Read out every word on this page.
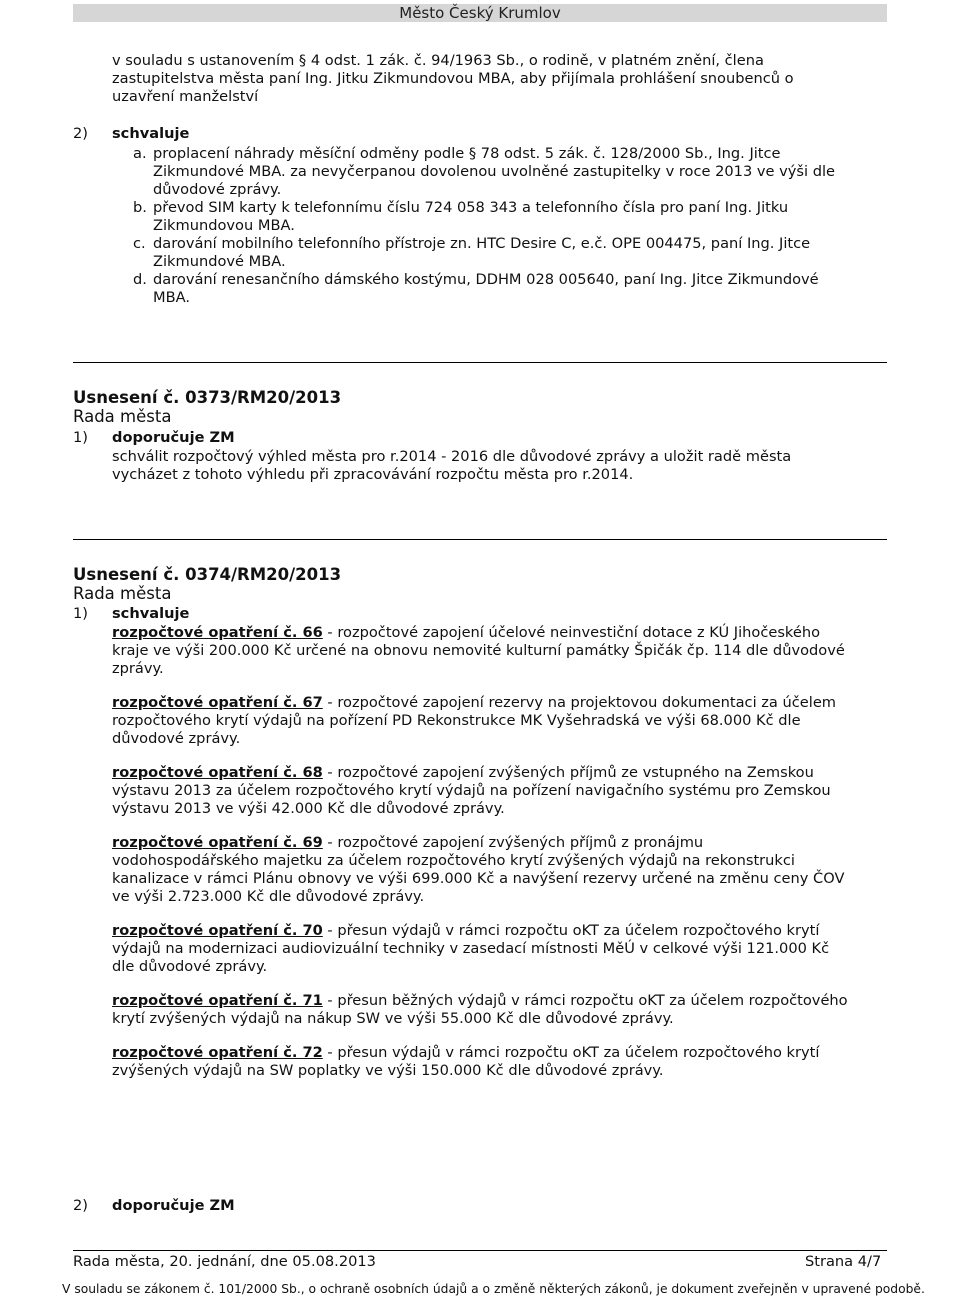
Město Český Krumlov
v souladu s ustanovením § 4 odst. 1 zák. č. 94/1963 Sb., o rodině, v platném znění, člena
zastupitelstva města paní Ing. Jitku Zikmundovou MBA, aby přijímala prohlášení snoubenců o
uzavření manželství
2) schvaluje
a. proplacení náhrady měsíční odměny podle § 78 odst. 5 zák. č. 128/2000 Sb., Ing. Jitce
Zikmundové MBA. za nevyčerpanou dovolenou uvolněné zastupitelky v roce 2013 ve výši dle
důvodové zprávy.
b. převod SIM karty k telefonnímu číslu 724 058 343 a telefonního čísla pro paní Ing. Jitku
Zikmundovou MBA.
c. darování mobilního telefonního přístroje zn. HTC Desire C, e.č. OPE 004475, paní Ing. Jitce
Zikmundové MBA.
d. darování renesančního dámského kostýmu, DDHM 028 005640, paní Ing. Jitce Zikmundové
MBA.
Usnesení č. 0373/RM20/2013
Rada města
1) doporučuje ZM
schválit rozpočtový výhled města pro r.2014 - 2016 dle důvodové zprávy a uložit radě města
vycházet z tohoto výhledu při zpracovávání rozpočtu města pro r.2014.
Usnesení č. 0374/RM20/2013
Rada města
1) schvaluje
rozpočtové opatření č. 66 - rozpočtové zapojení účelové neinvestiční dotace z KÚ Jihočeského
kraje ve výši 200.000 Kč určené na obnovu nemovité kulturní památky Špičák čp. 114 dle důvodové
zprávy.
rozpočtové opatření č. 67 - rozpočtové zapojení rezervy na projektovou dokumentaci za účelem
rozpočtového krytí výdajů na pořízení PD Rekonstrukce MK Vyšehradská ve výši 68.000 Kč dle
důvodové zprávy.
rozpočtové opatření č. 68 - rozpočtové zapojení zvýšených příjmů ze vstupného na Zemskou
výstavu 2013 za účelem rozpočtového krytí výdajů na pořízení navigačního systému pro Zemskou
výstavu 2013 ve výši 42.000 Kč dle důvodové zprávy.
rozpočtové opatření č. 69 - rozpočtové zapojení zvýšených příjmů z pronájmu
vodohospodářského majetku za účelem rozpočtového krytí zvýšených výdajů na rekonstrukci
kanalizace v rámci Plánu obnovy ve výši 699.000 Kč a navýšení rezervy určené na změnu ceny ČOV
ve výši 2.723.000 Kč dle důvodové zprávy.
rozpočtové opatření č. 70 - přesun výdajů v rámci rozpočtu oKT za účelem rozpočtového krytí
výdajů na modernizaci audiovizuální techniky v zasedací místnosti MěÚ v celkové výši 121.000 Kč
dle důvodové zprávy.
rozpočtové opatření č. 71 - přesun běžných výdajů v rámci rozpočtu oKT za účelem rozpočtového
krytí zvýšených výdajů na nákup SW ve výši 55.000 Kč dle důvodové zprávy.
rozpočtové opatření č. 72 - přesun výdajů v rámci rozpočtu oKT za účelem rozpočtového krytí
zvýšených výdajů na SW poplatky ve výši 150.000 Kč dle důvodové zprávy.
2) doporučuje ZM
Rada města, 20. jednání, dne 05.08.2013	Strana 4/7
V souladu se zákonem č. 101/2000 Sb., o ochraně osobních údajů a o změně některých zákonů, je dokument zveřejněn v upravené podobě.
